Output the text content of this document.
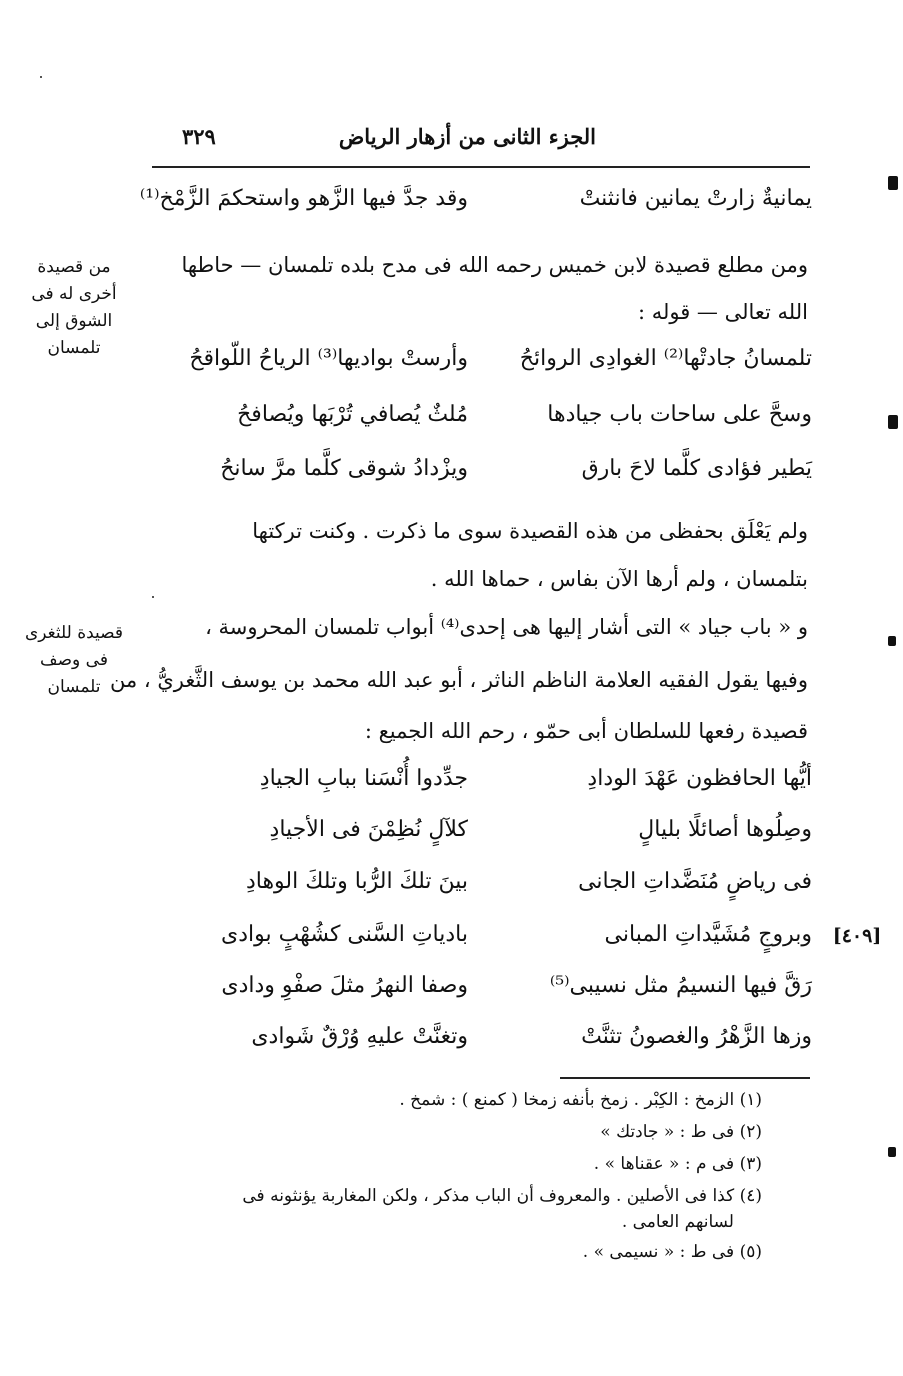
الجزء الثانى من أزهار الرياض
٣٢٩
من قصيدة أخرى له فى الشوق إلى تلمسان
قصيدة للثغرى فى وصف تلمسان
[٤٠٩]
يمانيةٌ زارتْ يمانين فانثنتْ
وقد جدَّ فيها الزَّهو واستحكمَ الزَّمْخ⁽¹⁾
ومن مطلع قصيدة لابن خميس رحمه الله فى مدح بلده تلمسان — حاطها
الله تعالى — قوله :
تلمسانُ جادتْها⁽²⁾ الغوادِى الروائحُ
وأرستْ بواديها⁽³⁾ الرياحُ اللّواقحُ
وسحَّ على ساحات باب جيادها
مُلثٌ يُصافي تُرْبَها ويُصافحُ
يَطير فؤادى كلَّما لاحَ بارق
ويزْدادُ شوقى كلَّما مرَّ سانحُ
ولم يَعْلَق بحفظى من هذه القصيدة سوى ما ذكرت . وكنت تركتها
بتلمسان ، ولم أرها الآن بفاس ، حماها الله .
و « باب جياد » التى أشار إليها هى إحدى⁽⁴⁾ أبواب تلمسان المحروسة ،
وفيها يقول الفقيه العلامة الناظم الناثر ، أبو عبد الله محمد بن يوسف الثَّغريُّ ، من
قصيدة رفعها للسلطان أبى حمّو ، رحم الله الجميع :
أيُّها الحافظون عَهْدَ الودادِ
جدِّدوا أُنْسَنا ببابِ الجيادِ
وصِلُوها أصائلًا بليالٍ
كلآلٍ نُظِمْنَ فى الأجيادِ
فى رياضٍ مُنَضَّداتِ الجانى
بينَ تلكَ الرُّبا وتلكَ الوهادِ
وبروجٍ مُشَيَّداتِ المبانى
بادياتِ السَّنى كشُهْبٍ بوادى
رَقَّ فيها النسيمُ مثل نسيبى⁽⁵⁾
وصفا النهرُ مثلَ صفْوِ ودادى
وزها الزَّهْرُ والغصونُ تثنَّتْ
وتغنَّتْ عليهِ وُرْقٌ شَوادى
(١) الزمخ : الكِبْر . زمخ بأنفه زمخا ( كمنع ) : شمخ .
(٢) فى ط : « جادتك »
(٣) فى م : « عقناها » .
(٤) كذا فى الأصلين . والمعروف أن الباب مذكر ، ولكن المغاربة يؤنثونه فى
لسانهم العامى .
(٥) فى ط : « نسيمى » .
